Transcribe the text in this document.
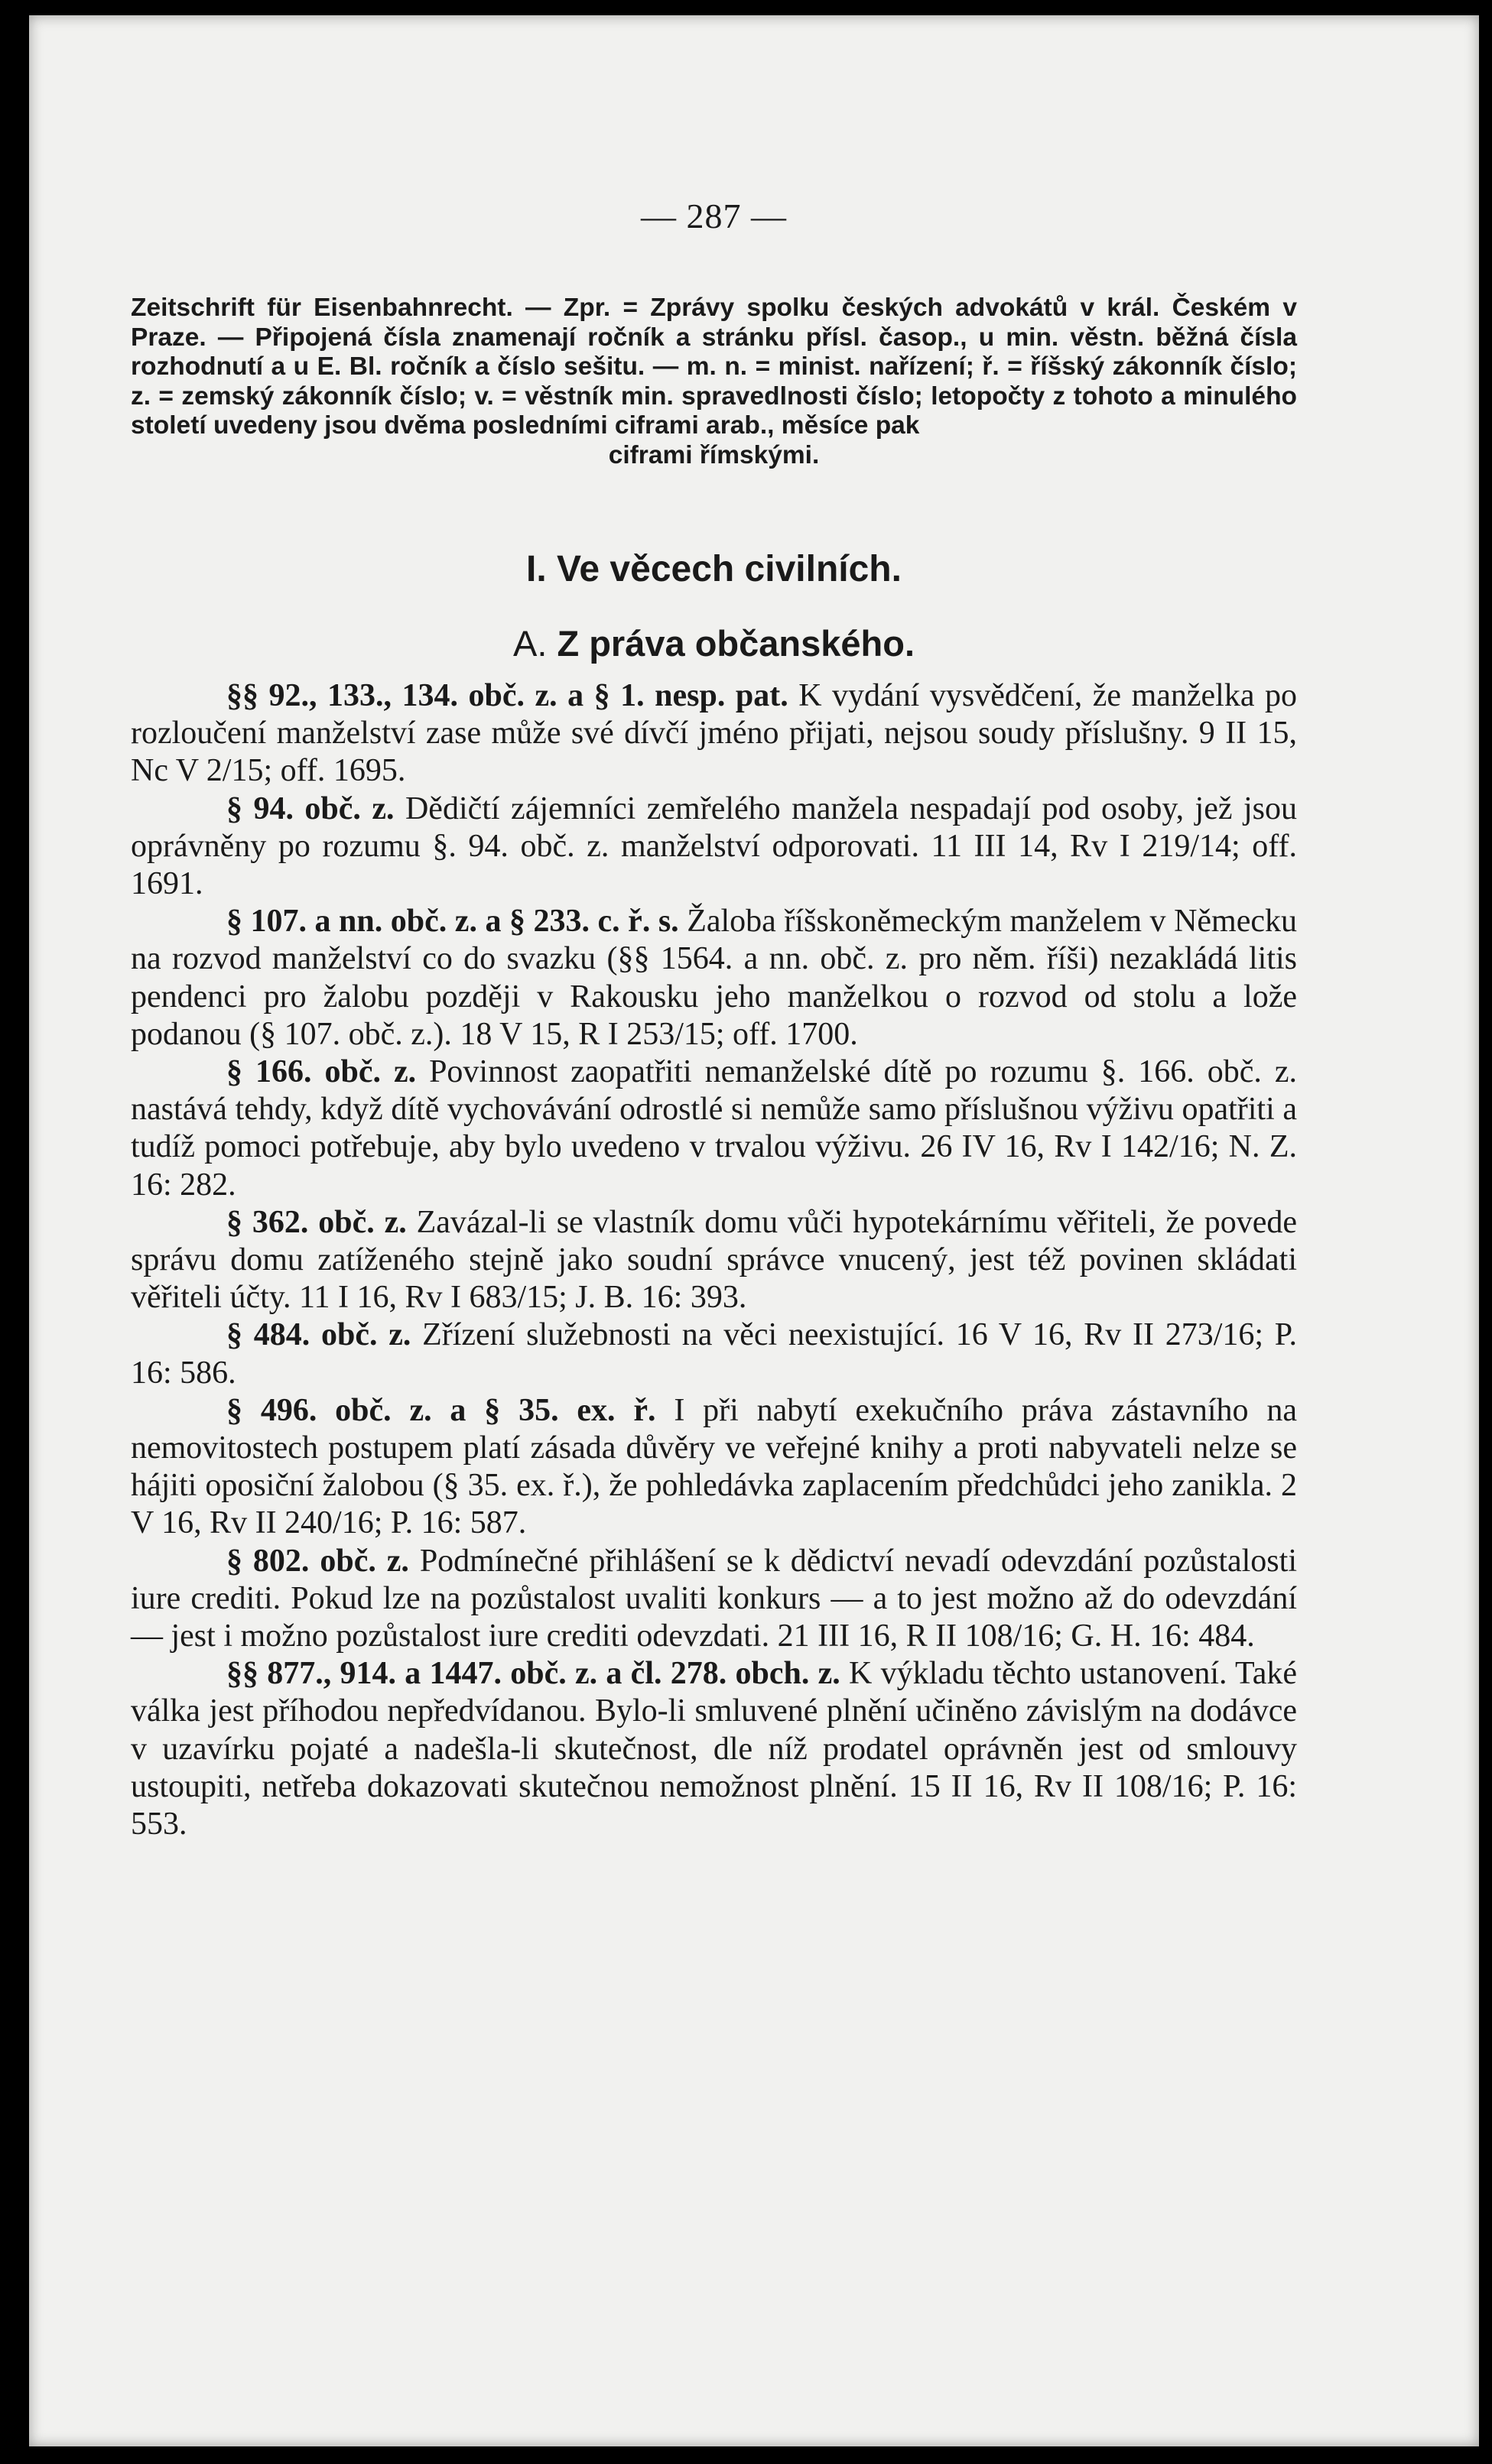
— 287 —
Zeitschrift für Eisenbahnrecht. — Zpr. = Zprávy spolku českých advokátů v král. Českém v Praze. — Připojená čísla znamenají ročník a stránku přísl. časop., u min. věstn. běžná čísla rozhodnutí a u E. Bl. ročník a číslo sešitu. — m. n. = minist. nařízení; ř. = říšský zákonník číslo; z. = zemský zákonník číslo; v. = věstník min. spravedlnosti číslo; letopočty z tohoto a minulého století uvedeny jsou dvěma posledními ciframi arab., měsíce pak
ciframi římskými.
I. Ve věcech civilních.
A. Z práva občanského.

§§ 92., 133., 134. obč. z. a § 1. nesp. pat. K vydání vysvědčení, že manželka po rozloučení manželství zase může své dívčí jméno přijati, nejsou soudy příslušny. 9 II 15, Nc V 2/15; off. 1695.

§ 94. obč. z. Dědičtí zájemníci zemřelého manžela nespadají pod osoby, jež jsou oprávněny po rozumu §. 94. obč. z. manželství odporovati. 11 III 14, Rv I 219/14; off. 1691.

§ 107. a nn. obč. z. a § 233. c. ř. s. Žaloba říšskoněmeckým manželem v Německu na rozvod manželství co do svazku (§§ 1564. a nn. obč. z. pro něm. říši) nezakládá litis pendenci pro žalobu později v Rakousku jeho manželkou o rozvod od stolu a lože podanou (§ 107. obč. z.). 18 V 15, R I 253/15; off. 1700.

§ 166. obč. z. Povinnost zaopatřiti nemanželské dítě po rozumu §. 166. obč. z. nastává tehdy, když dítě vychovávání odrostlé si nemůže samo příslušnou výživu opatřiti a tudíž pomoci potřebuje, aby bylo uvedeno v trvalou výživu. 26 IV 16, Rv I 142/16; N. Z. 16: 282.

§ 362. obč. z. Zavázal-li se vlastník domu vůči hypotekárnímu věřiteli, že povede správu domu zatíženého stejně jako soudní správce vnucený, jest též povinen skládati věřiteli účty. 11 I 16, Rv I 683/15; J. B. 16: 393.

§ 484. obč. z. Zřízení služebnosti na věci neexistující. 16 V 16, Rv II 273/16; P. 16: 586.

§ 496. obč. z. a § 35. ex. ř. I při nabytí exekučního práva zástavního na nemovitostech postupem platí zásada důvěry ve veřejné knihy a proti nabyvateli nelze se hájiti oposiční žalobou (§ 35. ex. ř.), že pohledávka zaplacením předchůdci jeho zanikla. 2 V 16, Rv II 240/16; P. 16: 587.

§ 802. obč. z. Podmínečné přihlášení se k dědictví nevadí odevzdání pozůstalosti iure crediti. Pokud lze na pozůstalost uvaliti konkurs — a to jest možno až do odevzdání — jest i možno pozůstalost iure crediti odevzdati. 21 III 16, R II 108/16; G. H. 16: 484.

§§ 877., 914. a 1447. obč. z. a čl. 278. obch. z. K výkladu těchto ustanovení. Také válka jest příhodou nepředvídanou. Bylo-li smluvené plnění učiněno závislým na dodávce v uzavírku pojaté a nadešla-li skutečnost, dle níž prodatel oprávněn jest od smlouvy ustoupiti, netřeba dokazovati skutečnou nemožnost plnění. 15 II 16, Rv II 108/16; P. 16: 553.
